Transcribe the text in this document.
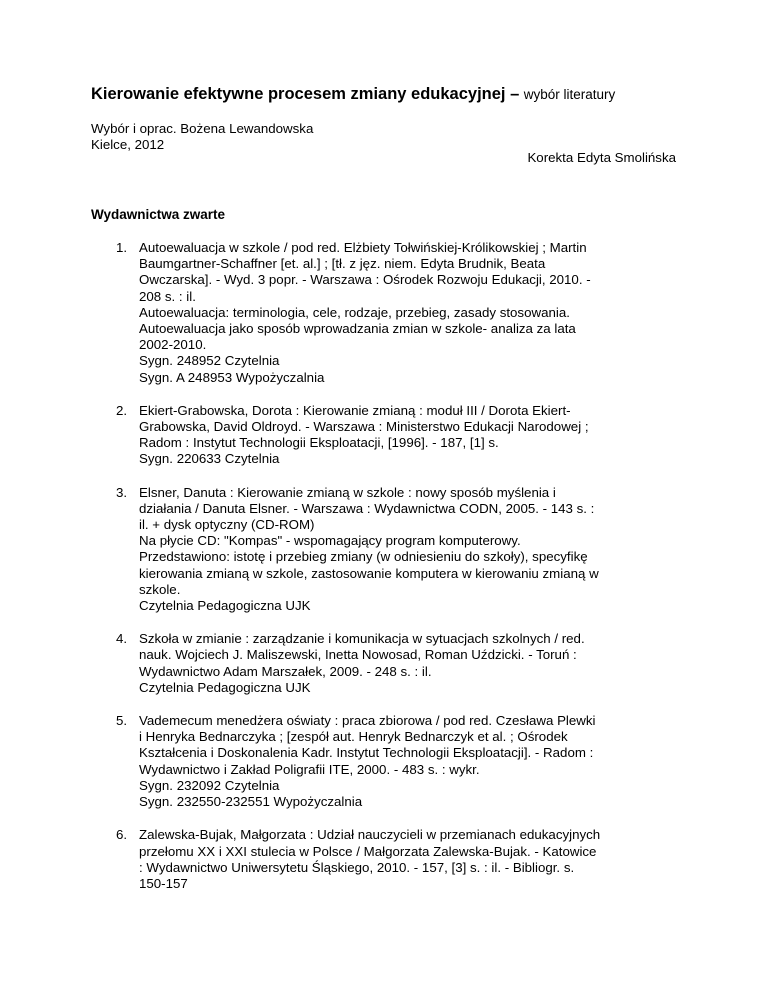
Kierowanie efektywne procesem zmiany edukacyjnej – wybór literatury
Wybór i oprac. Bożena Lewandowska
Kielce, 2012
Korekta Edyta Smolińska
Wydawnictwa zwarte
1. Autoewaluacja w szkole / pod red. Elżbiety Tołwińskiej-Królikowskiej ; Martin
Baumgartner-Schaffner [et. al.] ; [tł. z jęz. niem. Edyta Brudnik, Beata
Owczarska]. - Wyd. 3 popr. - Warszawa : Ośrodek Rozwoju Edukacji, 2010. -
208 s. : il.
Autoewaluacja: terminologia, cele, rodzaje, przebieg, zasady stosowania.
Autoewaluacja jako sposób wprowadzania zmian w szkole- analiza za lata
2002-2010.
Sygn. 248952 Czytelnia
Sygn. A 248953 Wypożyczalnia
2. Ekiert-Grabowska, Dorota : Kierowanie zmianą : moduł III / Dorota Ekiert-
Grabowska, David Oldroyd. - Warszawa : Ministerstwo Edukacji Narodowej ;
Radom : Instytut Technologii Eksploatacji, [1996]. - 187, [1] s.
Sygn. 220633 Czytelnia
3. Elsner, Danuta : Kierowanie zmianą w szkole : nowy sposób myślenia i
działania / Danuta Elsner. - Warszawa : Wydawnictwa CODN, 2005. - 143 s. :
il. + dysk optyczny (CD-ROM)
Na płycie CD: "Kompas" - wspomagający program komputerowy.
Przedstawiono: istotę i przebieg zmiany (w odniesieniu do szkoły), specyfikę
kierowania zmianą w szkole, zastosowanie komputera w kierowaniu zmianą w
szkole.
Czytelnia Pedagogiczna UJK
4. Szkoła w zmianie : zarządzanie i komunikacja w sytuacjach szkolnych / red.
nauk. Wojciech J. Maliszewski, Inetta Nowosad, Roman Uździcki. - Toruń :
Wydawnictwo Adam Marszałek, 2009. - 248 s. : il.
Czytelnia Pedagogiczna UJK
5. Vademecum menedżera oświaty : praca zbiorowa / pod red. Czesława Plewki
i Henryka Bednarczyka ; [zespół aut. Henryk Bednarczyk et al. ; Ośrodek
Kształcenia i Doskonalenia Kadr. Instytut Technologii Eksploatacji]. - Radom :
Wydawnictwo i Zakład Poligrafii ITE, 2000. - 483 s. : wykr.
Sygn. 232092 Czytelnia
Sygn. 232550-232551 Wypożyczalnia
6. Zalewska-Bujak, Małgorzata : Udział nauczycieli w przemianach edukacyjnych
przełomu XX i XXI stulecia w Polsce / Małgorzata Zalewska-Bujak. - Katowice
: Wydawnictwo Uniwersytetu Śląskiego, 2010. - 157, [3] s. : il. - Bibliogr. s.
150-157
